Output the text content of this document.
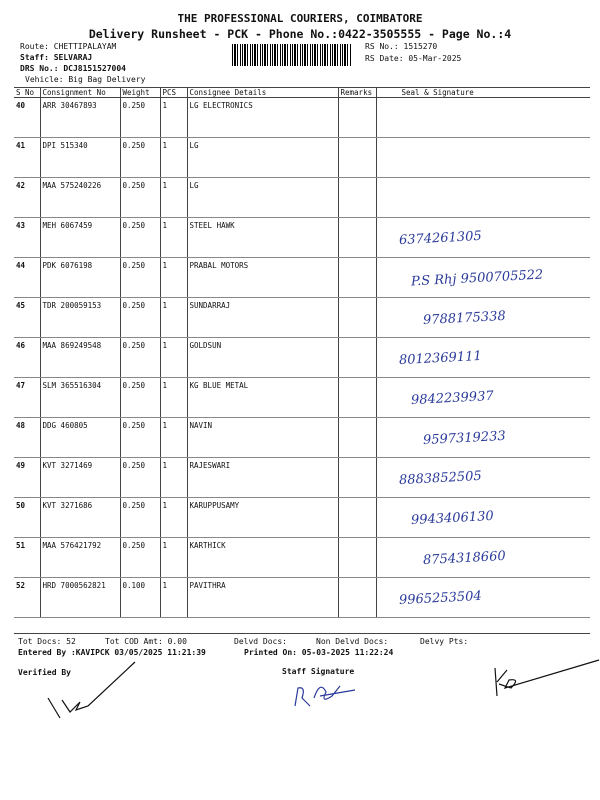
THE PROFESSIONAL COURIERS, COIMBATORE
Delivery Runsheet - PCK - Phone No.:0422-3505555 - Page No.:4
Route: CHETTIPALAYAM
Staff: SELVARAJ
DRS No.: DCJ8151527004
Vehicle: Big Bag Delivery
RS No.: 1515270
RS Date: 05-Mar-2025
S No	Consignment No	Weight	PCS	Consignee Details	Remarks	Seal & Signature
40	ARR 30467893	0.250	1	LG ELECTRONICS		
41	DPI 515340	0.250	1	LG		
42	MAA 575240226	0.250	1	LG		
43	MEH 6067459	0.250	1	STEEL HAWK		6374261305
44	PDK 6076198	0.250	1	PRABAL MOTORS		P.S Rhj 9500705522
45	TDR 200059153	0.250	1	SUNDARRAJ		9788175338
46	MAA 869249548	0.250	1	GOLDSUN		8012369111
47	SLM 365516304	0.250	1	KG BLUE METAL		9842239937
48	DDG 460805	0.250	1	NAVIN		9597319233
49	KVT 3271469	0.250	1	RAJESWARI		8883852505
50	KVT 3271686	0.250	1	KARUPPUSAMY		9943406130
51	MAA 576421792	0.250	1	KARTHICK		8754318660
52	HRD 7000562821	0.100	1	PAVITHRA		9965253504
Tot Docs: 52	Tot COD Amt: 0.00	Delvd Docs:	Non Delvd Docs:	Delvy Pts:
Entered By :KAVIPCK 03/05/2025 11:21:39	Printed On: 05-03-2025 11:22:24
Verified By	Staff Signature
